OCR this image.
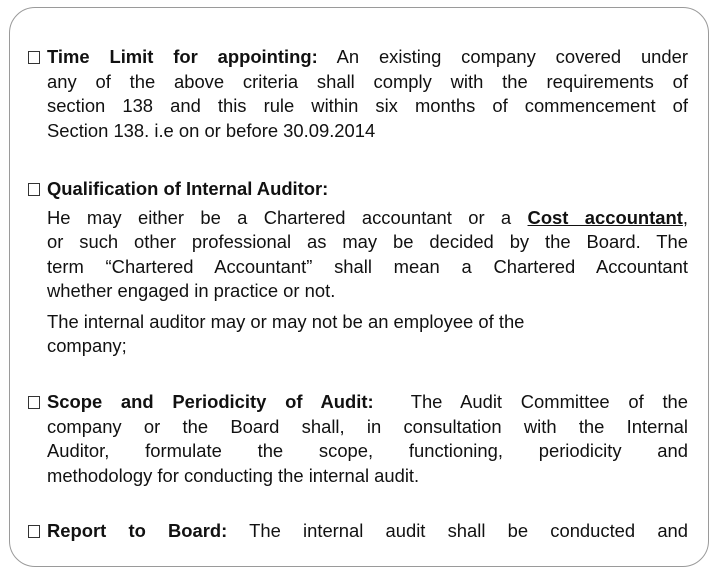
Time Limit for appointing: An existing company covered under
any of the above criteria shall comply with the requirements of
section 138 and this rule within six months of commencement of
Section 138. i.e on or before 30.09.2014
Qualification of Internal Auditor:
He may either be a Chartered accountant or a Cost accountant,
or such other professional as may be decided by the Board. The
term “Chartered Accountant” shall mean a Chartered Accountant
whether engaged in practice or not.
The internal auditor may or may not be an employee of the
company;
Scope and Periodicity of Audit: The Audit Committee of the
company or the Board shall, in consultation with the Internal
Auditor, formulate the scope, functioning, periodicity and
methodology for conducting the internal audit.
Report to Board: The internal audit shall be conducted and
